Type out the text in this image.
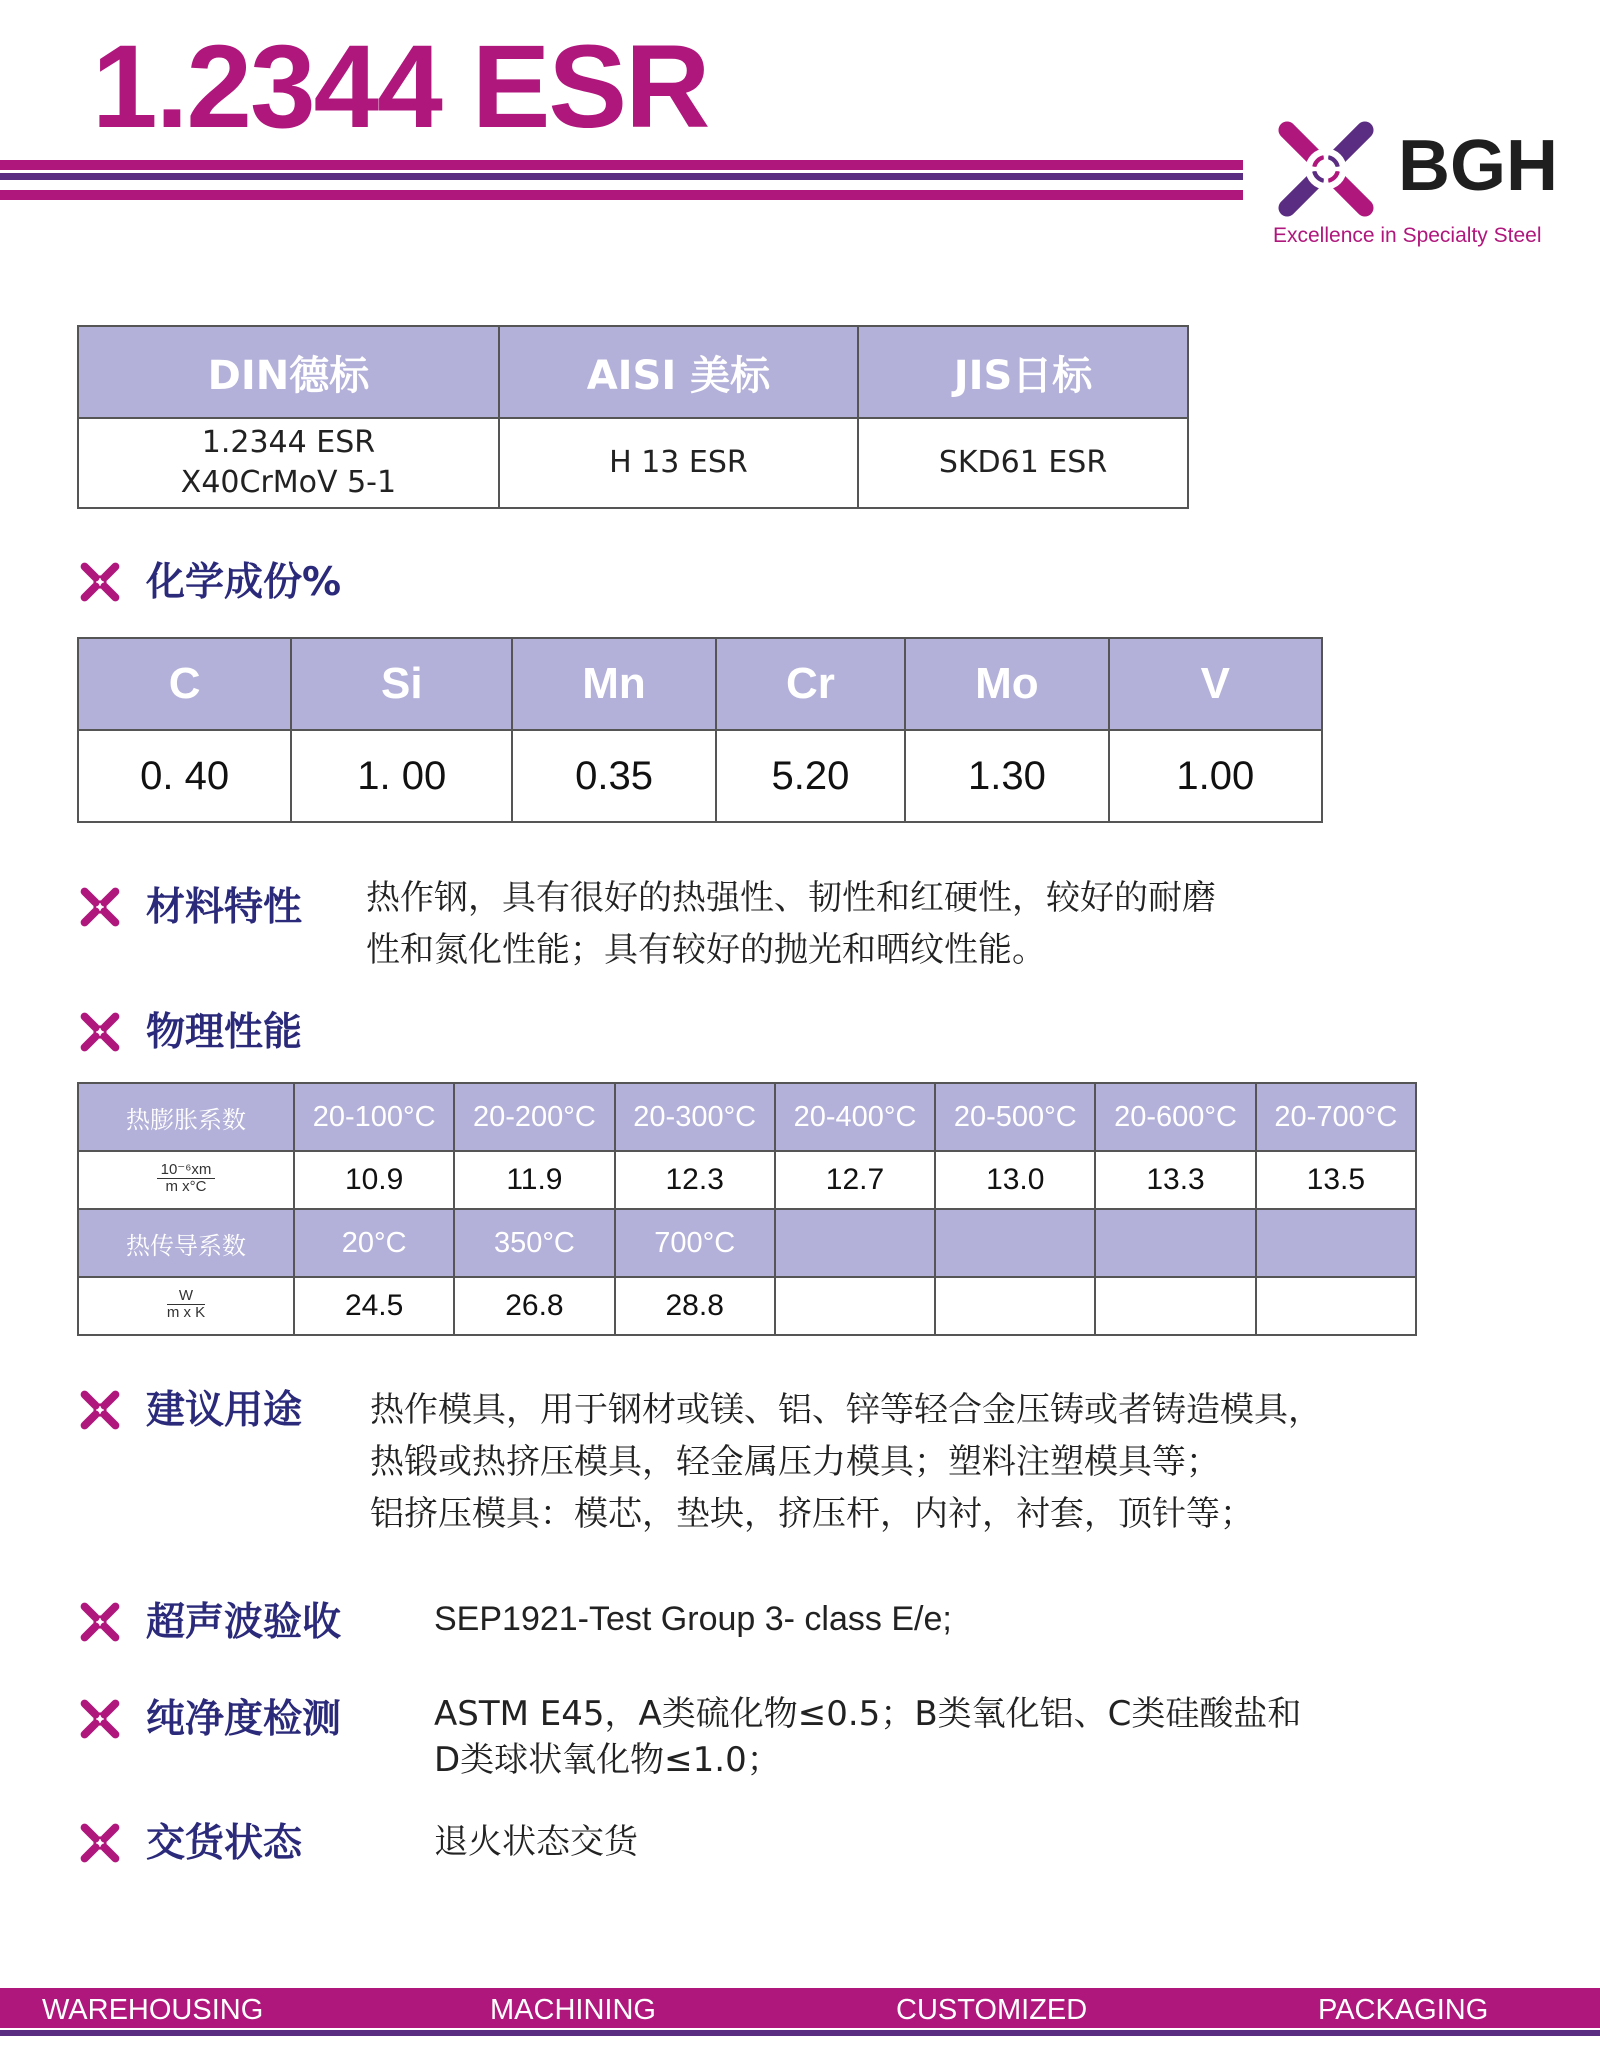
1.2344 ESR
BGH
Excellence in Specialty Steel
DIN德标	AISI 美标	JIS日标

1.2344 ESR
X40CrMoV 5-1	H 13 ESR	SKD61 ESR
化学成份%
C	Si	Mn	Cr	Mo	V
0. 40	1. 00	0.35	5.20	1.30	1.00
材料特性 热作钢，具有很好的热强性、韧性和红硬性，较好的耐磨
性和氮化性能；具有较好的抛光和晒纹性能。
物理性能
热膨胀系数	20-100°C	20-200°C	20-300°C	20-400°C	20-500°C	20-600°C	20-700°C

$\frac{\text{10⁻⁶xm}}{\text{m x°C}}$	10.9	11.9	12.3	12.7	13.0	13.3	13.5
热传导系数	20°C	350°C	700°C				

$\frac{W}{\text{m x K}}$	24.5	26.8	28.8				
建议用途 热作模具，用于钢材或镁、铝、锌等轻合金压铸或者铸造模具，
热锻或热挤压模具，轻金属压力模具；塑料注塑模具等；
铝挤压模具：模芯，垫块，挤压杆，内衬，衬套，顶针等；
超声波验收	SEP1921-Test Group 3- class E/e;
纯净度检测	ASTM E45，A类硫化物≤0.5；B类氧化铝、C类硅酸盐和
D类球状氧化物≤1.0；
交货状态	退火状态交货
WAREHOUSING	MACHINING	CUSTOMIZED	PACKAGING
